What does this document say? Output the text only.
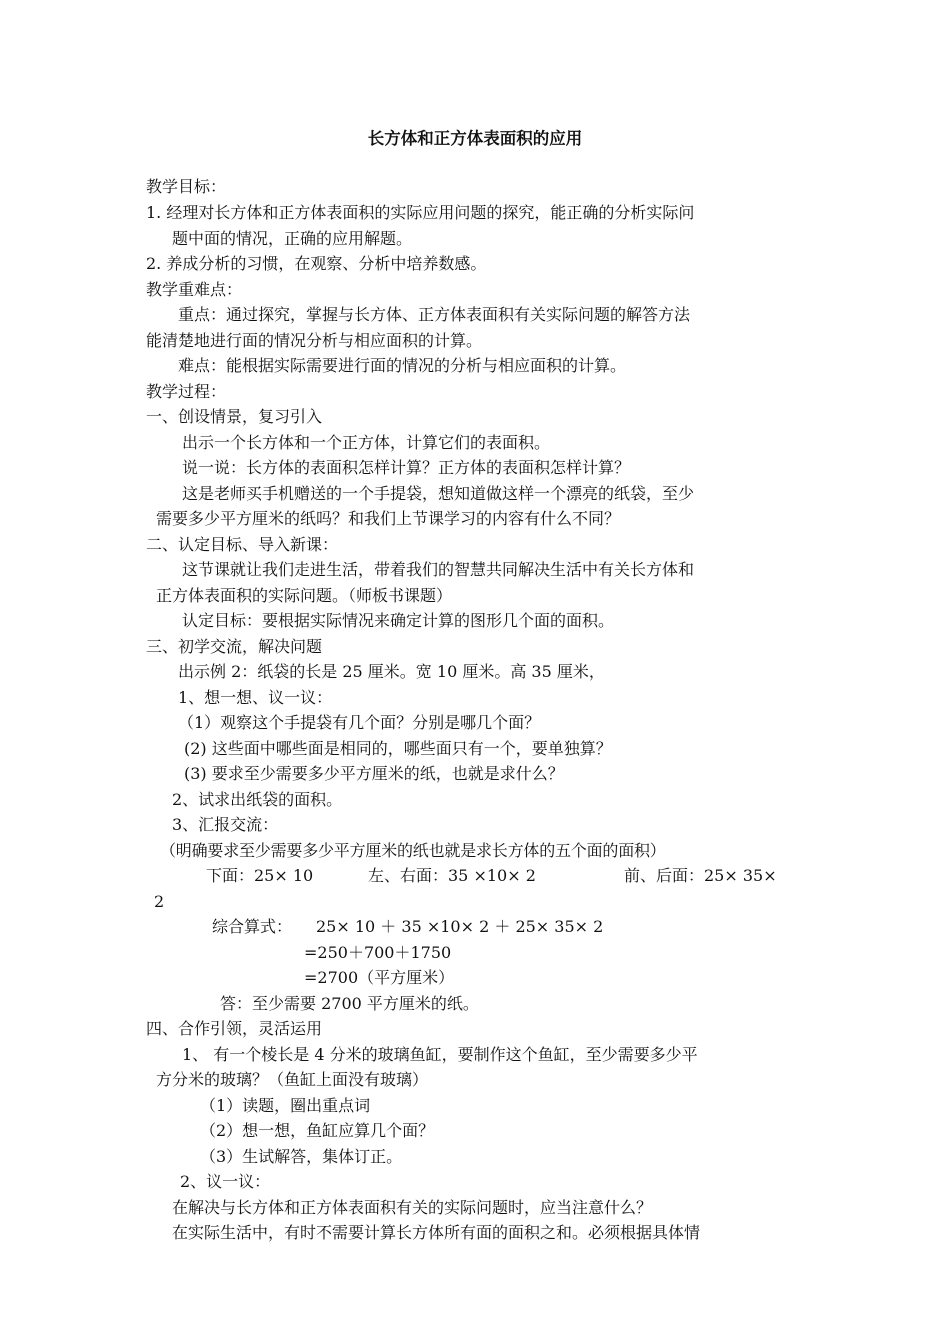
长方体和正方体表面积的应用
教学目标：
1. 经理对长方体和正方体表面积的实际应用问题的探究，能正确的分析实际问
题中面的情况，正确的应用解题。
2. 养成分析的习惯，在观察、分析中培养数感。
教学重难点：
重点：通过探究，掌握与长方体、正方体表面积有关实际问题的解答方法
能清楚地进行面的情况分析与相应面积的计算。
难点：能根据实际需要进行面的情况的分析与相应面积的计算。
教学过程：
一、创设情景，复习引入
出示一个长方体和一个正方体，计算它们的表面积。
说一说：长方体的表面积怎样计算？正方体的表面积怎样计算？
这是老师买手机赠送的一个手提袋，想知道做这样一个漂亮的纸袋，至少
需要多少平方厘米的纸吗？和我们上节课学习的内容有什么不同？
二、认定目标、导入新课：
这节课就让我们走进生活，带着我们的智慧共同解决生活中有关长方体和
正方体表面积的实际问题。（师板书课题）
认定目标：要根据实际情况来确定计算的图形几个面的面积。
三、初学交流，解决问题
出示例 2：纸袋的长是 25 厘米。宽 10 厘米。高 35 厘米，
1、想一想、议一议：
（1）观察这个手提袋有几个面？分别是哪几个面？
(2) 这些面中哪些面是相同的，哪些面只有一个，要单独算？
(3) 要求至少需要多少平方厘米的纸，也就是求什么？
2、试求出纸袋的面积。
3、汇报交流：
（明确要求至少需要多少平方厘米的纸也就是求长方体的五个面的面积）
下面：25× 10	左、右面：35 ×10× 2	前、后面：25× 35×
2
综合算式： 25× 10 ＋ 35 ×10× 2 ＋ 25× 35× 2
=250＋700＋1750
=2700（平方厘米）
答：至少需要 2700 平方厘米的纸。
四、合作引领，灵活运用
1、 有一个棱长是 4 分米的玻璃鱼缸，要制作这个鱼缸，至少需要多少平
方分米的玻璃？（鱼缸上面没有玻璃）
（1）读题，圈出重点词
（2）想一想，鱼缸应算几个面？
（3）生试解答，集体订正。
2、议一议：
在解决与长方体和正方体表面积有关的实际问题时，应当注意什么？
在实际生活中，有时不需要计算长方体所有面的面积之和。必须根据具体情
